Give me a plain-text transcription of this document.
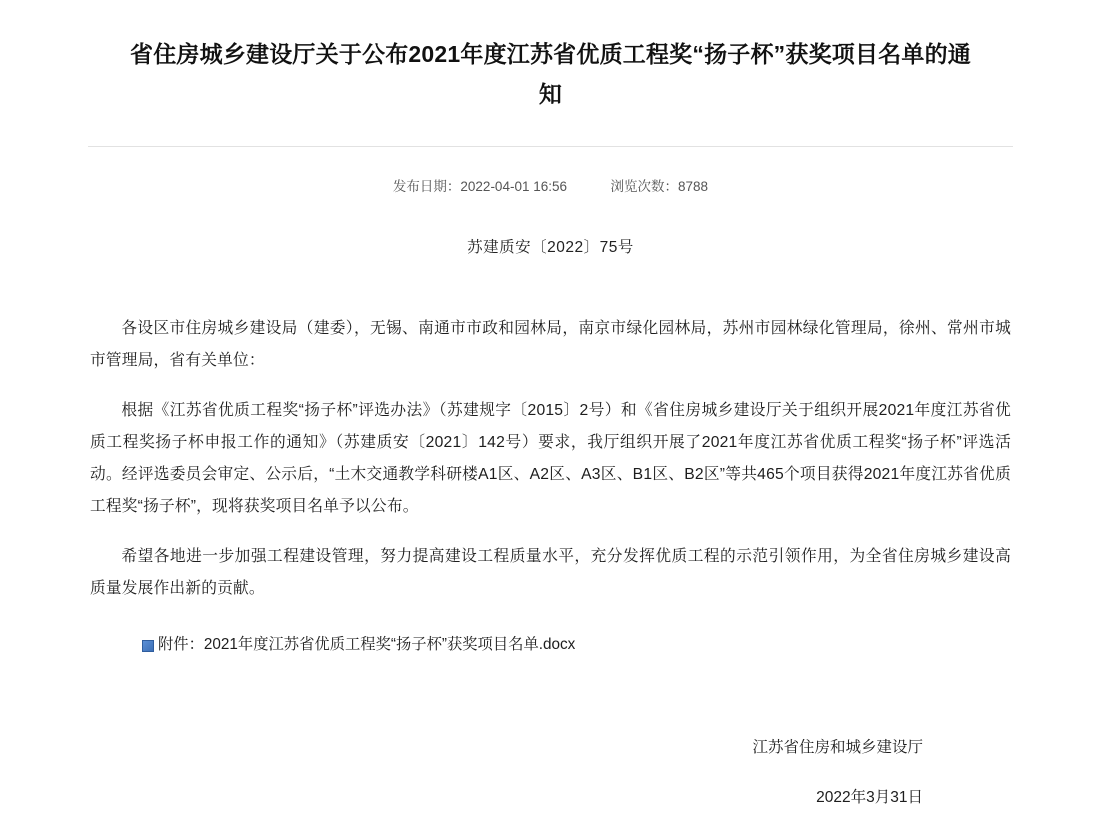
省住房城乡建设厅关于公布2021年度江苏省优质工程奖“扬子杯”获奖项目名单的通知
发布日期：2022-04-01 16:56	浏览次数：8788
苏建质安〔2022〕75号

各设区市住房城乡建设局（建委），无锡、南通市市政和园林局，南京市绿化园林局，苏州市园林绿化管理局，徐州、常州市城市管理局，省有关单位：

根据《江苏省优质工程奖“扬子杯”评选办法》（苏建规字〔2015〕2号）和《省住房城乡建设厅关于组织开展2021年度江苏省优质工程奖扬子杯申报工作的通知》（苏建质安〔2021〕142号）要求，我厅组织开展了2021年度江苏省优质工程奖“扬子杯”评选活动。经评选委员会审定、公示后，“土木交通教学科研楼A1区、A2区、A3区、B1区、B2区”等共465个项目获得2021年度江苏省优质工程奖“扬子杯”，现将获奖项目名单予以公布。

希望各地进一步加强工程建设管理，努力提高建设工程质量水平，充分发挥优质工程的示范引领作用，为全省住房城乡建设高质量发展作出新的贡献。

附件：2021年度江苏省优质工程奖“扬子杯”获奖项目名单.docx
江苏省住房和城乡建设厅
2022年3月31日
